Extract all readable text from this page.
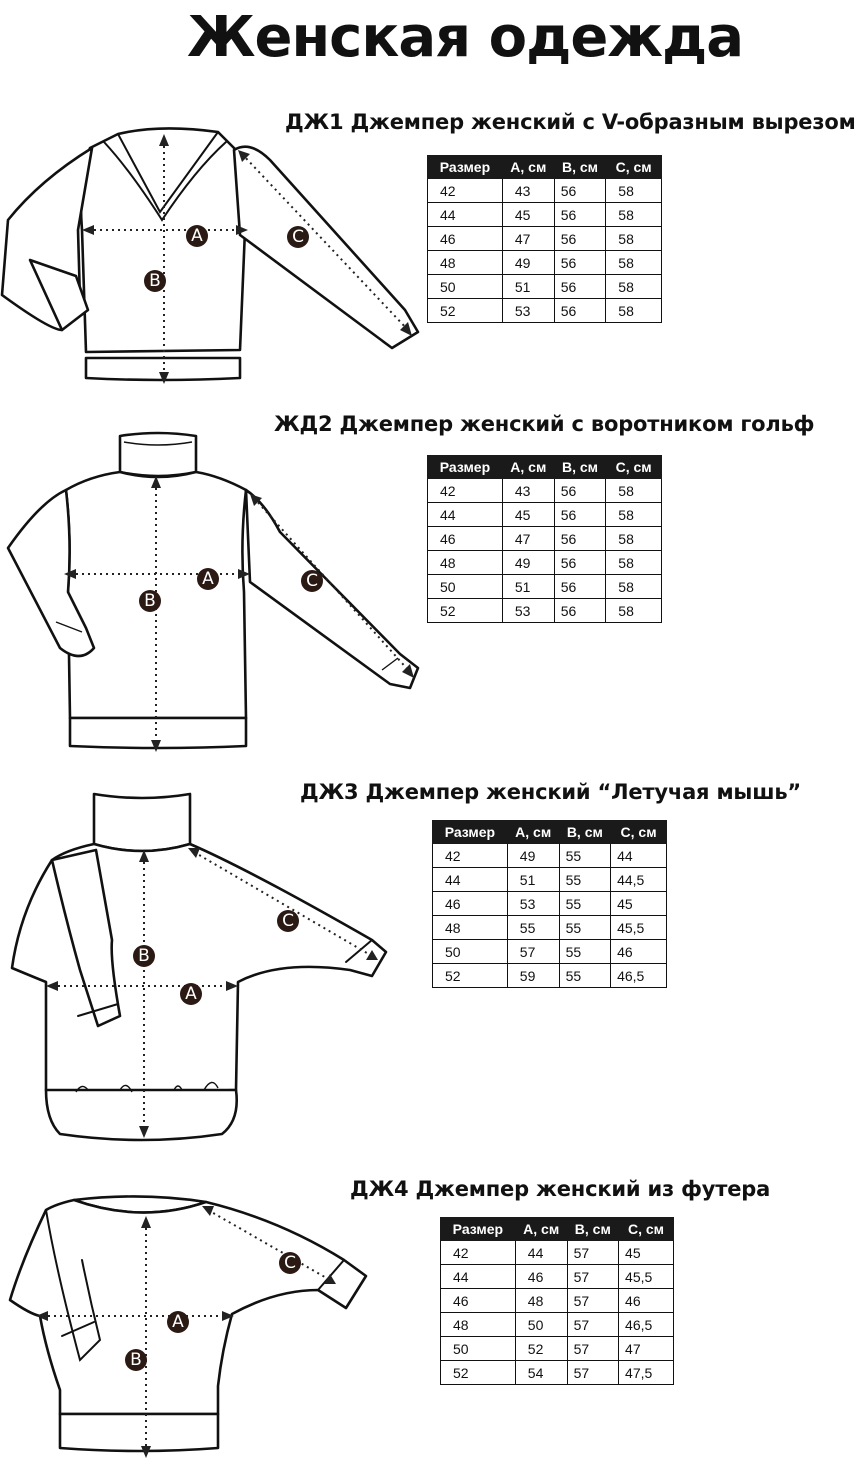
Женская одежда
ДЖ1 Джемпер женский с V-образным вырезом
A
B
C
Размер	А, см	В, см	С, см
42	43	56	58
44	45	56	58
46	47	56	58
48	49	56	58
50	51	56	58
52	53	56	58
ЖД2 Джемпер женский с воротником гольф
A
B
C
Размер	А, см	В, см	С, см
42	43	56	58
44	45	56	58
46	47	56	58
48	49	56	58
50	51	56	58
52	53	56	58
ДЖ3 Джемпер женский “Летучая мышь”
A
B
C
Размер	А, см	В, см	С, см
42	49	55	44
44	51	55	44,5
46	53	55	45
48	55	55	45,5
50	57	55	46
52	59	55	46,5
ДЖ4 Джемпер женский из футера
A
B
C
Размер	А, см	В, см	С, см
42	44	57	45
44	46	57	45,5
46	48	57	46
48	50	57	46,5
50	52	57	47
52	54	57	47,5
